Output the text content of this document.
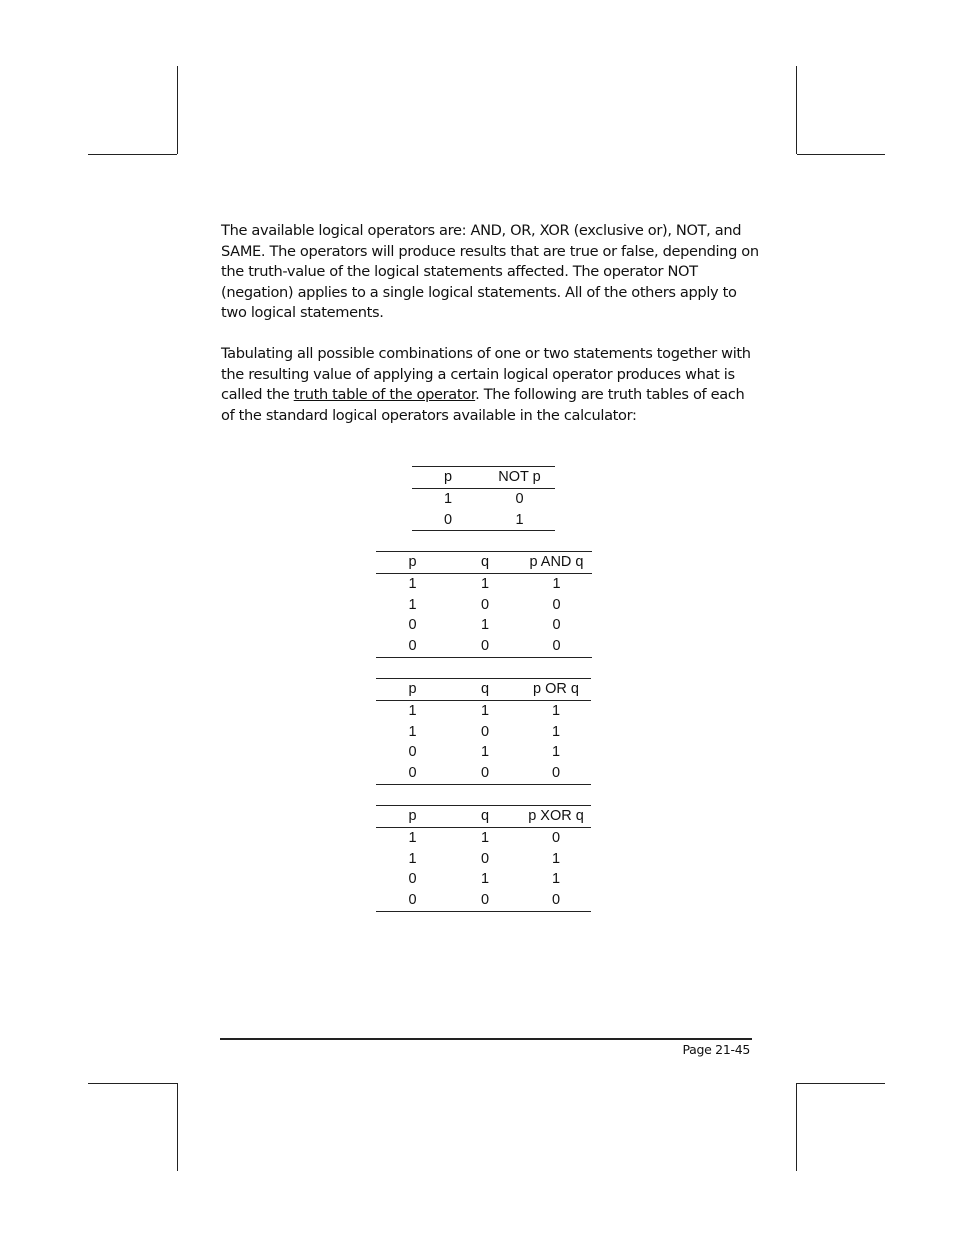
The available logical operators are: AND, OR, XOR (exclusive or), NOT, and SAME. The operators will produce results that are true or false, depending on the truth-value of the logical statements affected. The operator NOT (negation) applies to a single logical statements. All of the others apply to two logical statements.

Tabulating all possible combinations of one or two statements together with the resulting value of applying a certain logical operator produces what is called the truth table of the operator. The following are truth tables of each of the standard logical operators available in the calculator:

p	NOT p
1	0
0	1
p	q	p AND q
1	1	1
1	0	0
0	1	0
0	0	0
p	q	p OR q
1	1	1
1	0	1
0	1	1
0	0	0
p	q	p XOR q
1	1	0
1	0	1
0	1	1
0	0	0
Page 21-45
